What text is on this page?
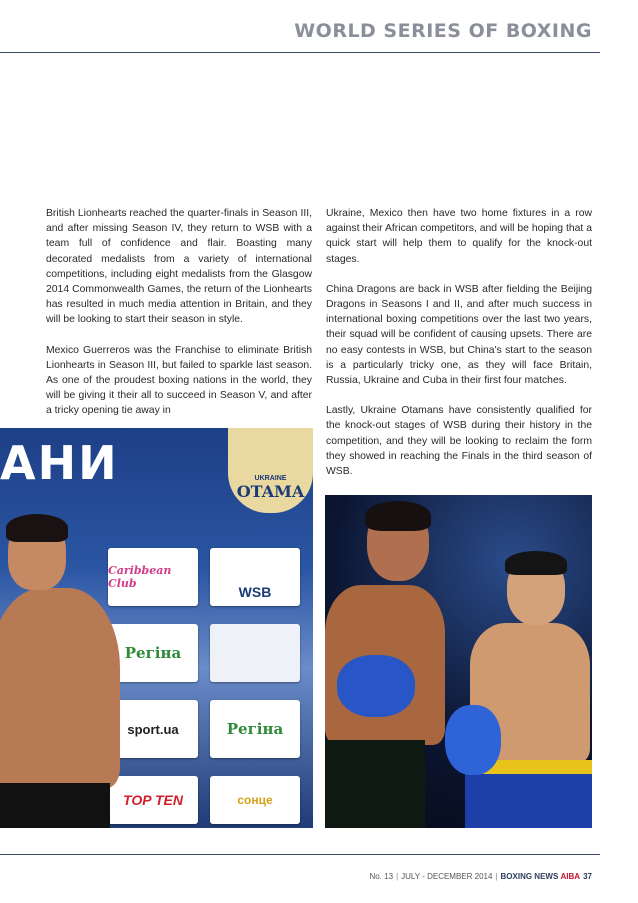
WORLD SERIES OF BOXING

British Lionhearts reached the quarter-finals in Season III, and after missing Season IV, they return to WSB with a team full of confidence and flair. Boasting many decorated medalists from a variety of international competitions, including eight medalists from the Glasgow 2014 Commonwealth Games, the return of the Lionhearts has resulted in much media attention in Britain, and they will be looking to start their season in style.

Mexico Guerreros was the Franchise to eliminate British Lionhearts in Season III, but failed to sparkle last season. As one of the proudest boxing nations in the world, they will be giving it their all to succeed in Season V, and after a tricky opening tie away in

Ukraine, Mexico then have two home fixtures in a row against their African competitors, and will be hoping that a quick start will help them to qualify for the knock-out stages.

China Dragons are back in WSB after fielding the Beijing Dragons in Seasons I and II, and after much success in international boxing competitions over the last two years, their squad will be confident of causing upsets. There are no easy contests in WSB, but China's start to the season is a particularly tricky one, as they will face Britain, Russia, Ukraine and Cuba in their first four matches.

Lastly, Ukraine Otamans have consistently qualified for the knock-out stages of WSB during their history in the competition, and they will be looking to reclaim the form they showed in reaching the Finals in the third season of WSB.

АНИ	UKRAINE
OTAMA
Caribbean Club
WSB
Регіна
sport.ua	Регіна
TOP TEN	сонце
No. 13 | JULY - DECEMBER 2014 | BOXING NEWS AIBA 37
